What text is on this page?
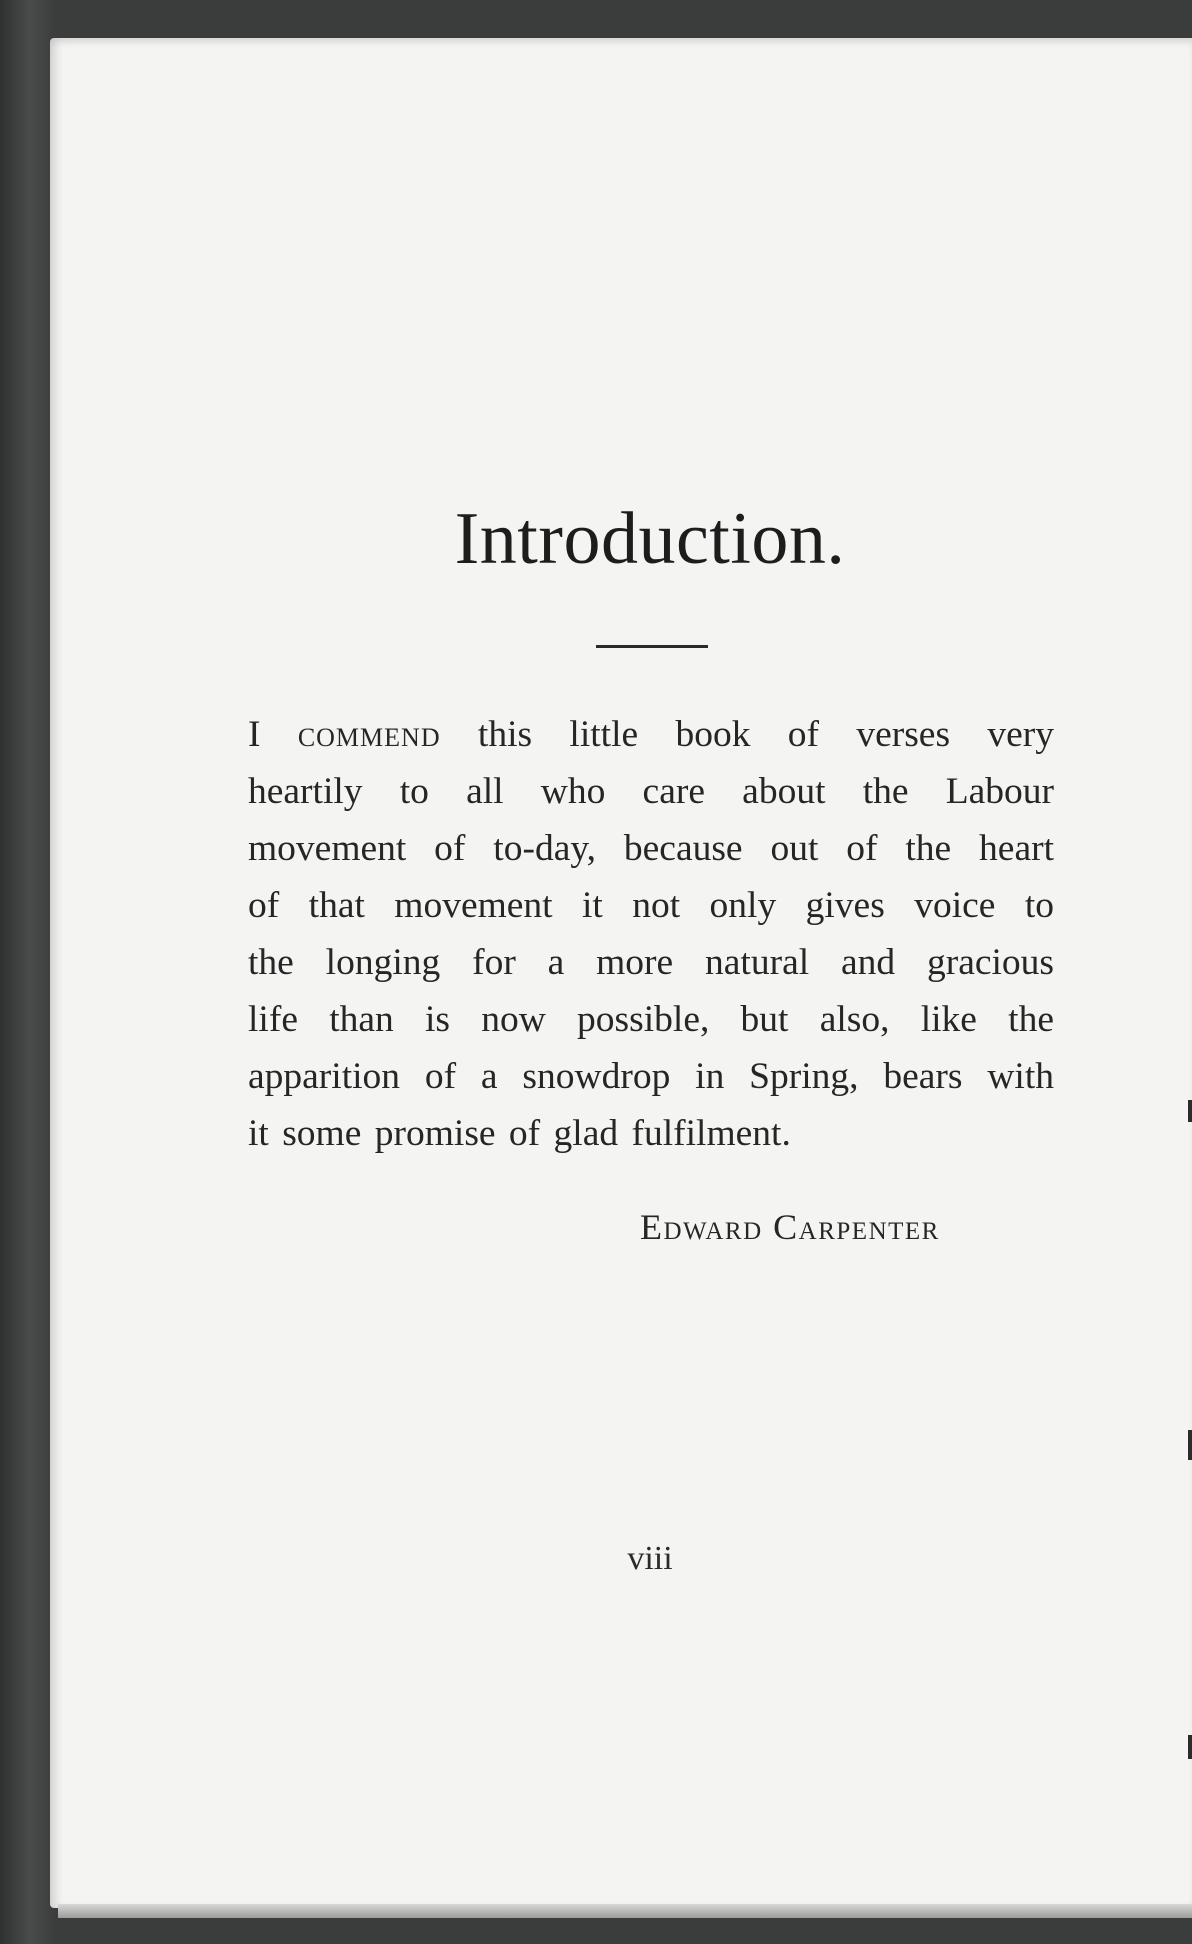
Introduction.
I commend this little book of verses very
heartily to all who care about the Labour
movement of to-day, because out of the heart
of that movement it not only gives voice to
the longing for a more natural and gracious
life than is now possible, but also, like the
apparition of a snowdrop in Spring, bears with
it some promise of glad fulfilment.

Edward Carpenter

viii
